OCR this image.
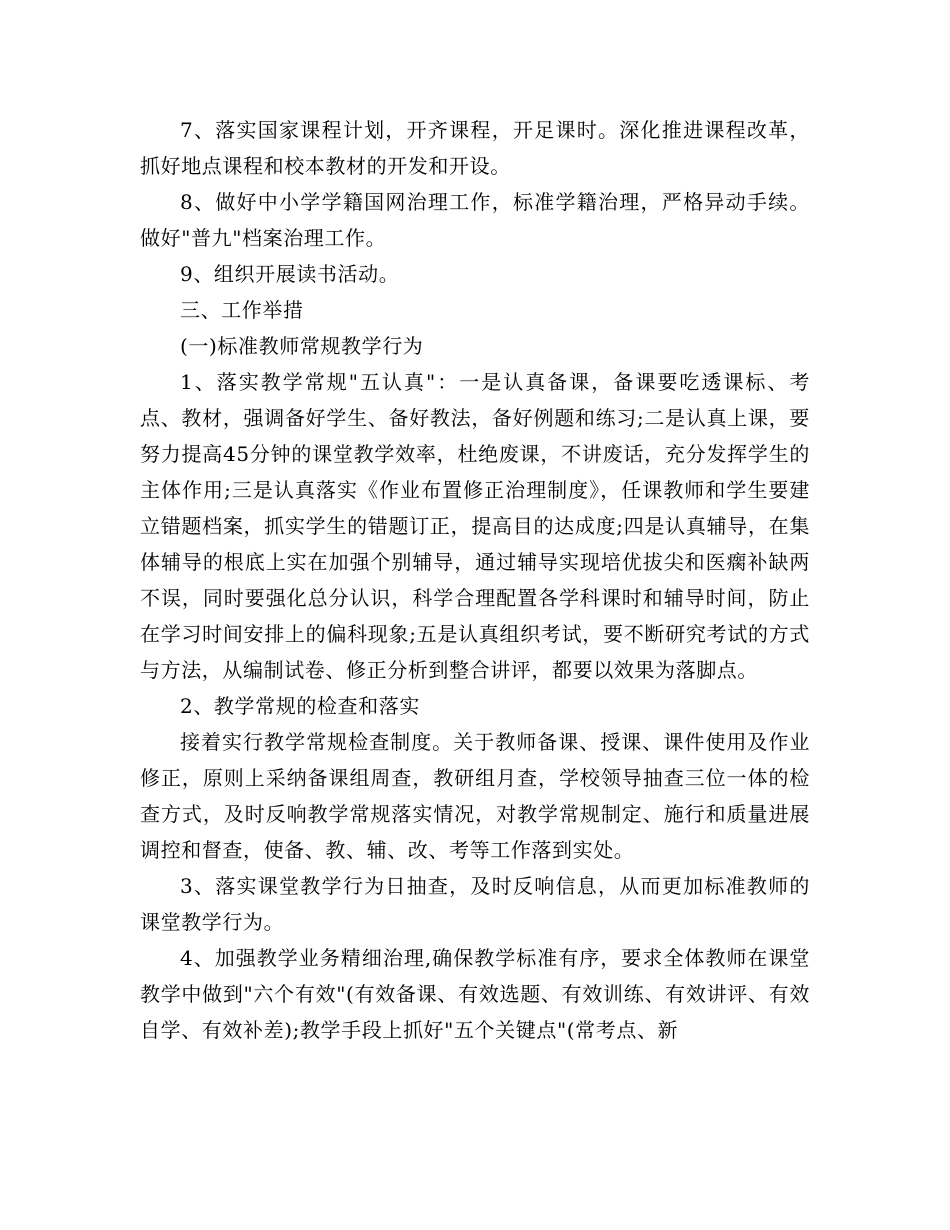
7、落实国家课程计划，开齐课程，开足课时。深化推进课程改革，抓好地点课程和校本教材的开发和开设。

8、做好中小学学籍国网治理工作，标准学籍治理，严格异动手续。做好"普九"档案治理工作。

9、组织开展读书活动。

三、工作举措

(一)标准教师常规教学行为

1、落实教学常规"五认真"：一是认真备课，备课要吃透课标、考点、教材，强调备好学生、备好教法，备好例题和练习;二是认真上课，要努力提高45分钟的课堂教学效率，杜绝废课，不讲废话，充分发挥学生的主体作用;三是认真落实《作业布置修正治理制度》，任课教师和学生要建立错题档案，抓实学生的错题订正，提高目的达成度;四是认真辅导，在集体辅导的根底上实在加强个别辅导，通过辅导实现培优拔尖和医瘸补缺两不误，同时要强化总分认识，科学合理配置各学科课时和辅导时间，防止在学习时间安排上的偏科现象;五是认真组织考试，要不断研究考试的方式与方法，从编制试卷、修正分析到整合讲评，都要以效果为落脚点。

2、教学常规的检查和落实

接着实行教学常规检查制度。关于教师备课、授课、课件使用及作业修正，原则上采纳备课组周查，教研组月查，学校领导抽查三位一体的检查方式，及时反响教学常规落实情况，对教学常规制定、施行和质量进展调控和督查，使备、教、辅、改、考等工作落到实处。

3、落实课堂教学行为日抽查，及时反响信息，从而更加标准教师的课堂教学行为。

4、加强教学业务精细治理,确保教学标准有序，要求全体教师在课堂教学中做到"六个有效"(有效备课、有效选题、有效训练、有效讲评、有效自学、有效补差);教学手段上抓好"五个关键点"(常考点、新
